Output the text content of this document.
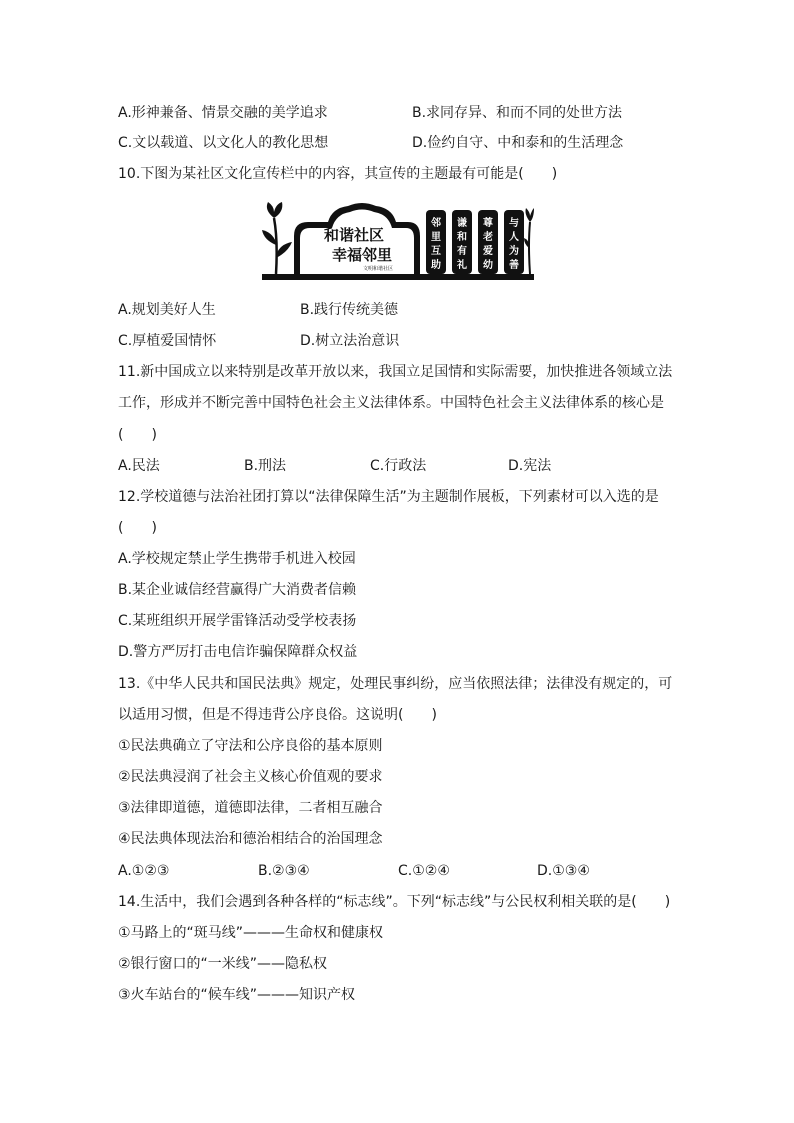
A.形神兼备、情景交融的美学追求	B.求同存异、和而不同的处世方法
C.文以载道、以文化人的教化思想	D.俭约自守、中和泰和的生活理念
10.下图为某社区文化宣传栏中的内容，其宣传的主题最有可能是(　　)
和谐社区
幸福邻里
文明和谐社区
邻
里
互
助
谦
和
有
礼
尊
老
爱
幼
与
人
为
善
A.规划美好人生	B.践行传统美德
C.厚植爱国情怀	D.树立法治意识
11.新中国成立以来特别是改革开放以来，我国立足国情和实际需要，加快推进各领域立法
工作，形成并不断完善中国特色社会主义法律体系。中国特色社会主义法律体系的核心是
(　　)
A.民法	B.刑法	C.行政法	D.宪法
12.学校道德与法治社团打算以“法律保障生活”为主题制作展板，下列素材可以入选的是
(　　)
A.学校规定禁止学生携带手机进入校园
B.某企业诚信经营赢得广大消费者信赖
C.某班组织开展学雷锋活动受学校表扬
D.警方严厉打击电信诈骗保障群众权益
13.《中华人民共和国民法典》规定，处理民事纠纷，应当依照法律；法律没有规定的，可
以适用习惯，但是不得违背公序良俗。这说明(　　)
①民法典确立了守法和公序良俗的基本原则
②民法典浸润了社会主义核心价值观的要求
③法律即道德，道德即法律，二者相互融合
④民法典体现法治和德治相结合的治国理念
A.①②③	B.②③④	C.①②④	D.①③④
14.生活中，我们会遇到各种各样的“标志线”。下列“标志线”与公民权利相关联的是(　　)
①马路上的“斑马线”———生命权和健康权
②银行窗口的“一米线”——隐私权
③火车站台的“候车线”———知识产权
